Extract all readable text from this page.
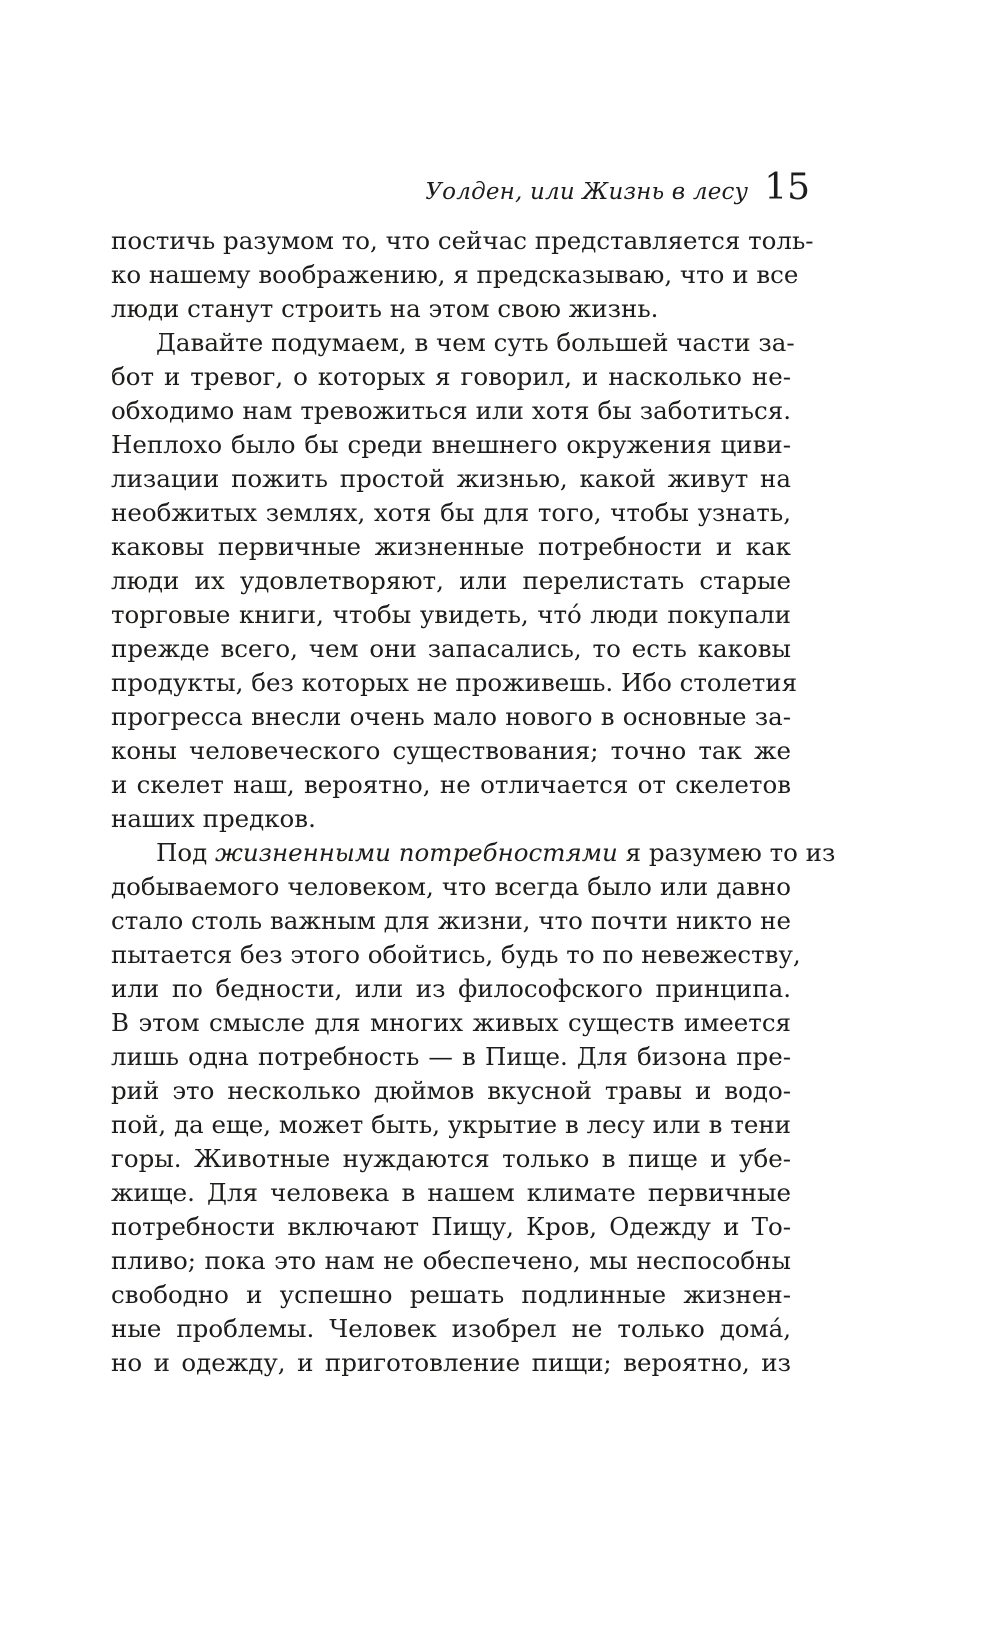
Уолден, или Жизнь в лесу 15
постичь разумом то, что сейчас представляется толь-
ко нашему воображению, я предсказываю, что и все
люди станут строить на этом свою жизнь.
Давайте подумаем, в чем суть большей части за-
бот и тревог, о которых я говорил, и насколько не-
обходимо нам тревожиться или хотя бы заботиться.
Неплохо было бы среди внешнего окружения циви-
лизации пожить простой жизнью, какой живут на
необжитых землях, хотя бы для того, чтобы узнать,
каковы первичные жизненные потребности и как
люди их удовлетворяют, или перелистать старые
торговые книги, чтобы увидеть, что́ люди покупали
прежде всего, чем они запасались, то есть каковы
продукты, без которых не проживешь. Ибо столетия
прогресса внесли очень мало нового в основные за-
коны человеческого существования; точно так же
и скелет наш, вероятно, не отличается от скелетов
наших предков.
Под жизненными потребностями я разумею то из
добываемого человеком, что всегда было или давно
стало столь важным для жизни, что почти никто не
пытается без этого обойтись, будь то по невежеству,
или по бедности, или из философского принципа.
В этом смысле для многих живых существ имеется
лишь одна потребность — в Пище. Для бизона пре-
рий это несколько дюймов вкусной травы и водо-
пой, да еще, может быть, укрытие в лесу или в тени
горы. Животные нуждаются только в пище и убе-
жище. Для человека в нашем климате первичные
потребности включают Пищу, Кров, Одежду и То-
пливо; пока это нам не обеспечено, мы неспособны
свободно и успешно решать подлинные жизнен-
ные проблемы. Человек изобрел не только дома́,
но и одежду, и приготовление пищи; вероятно, из
